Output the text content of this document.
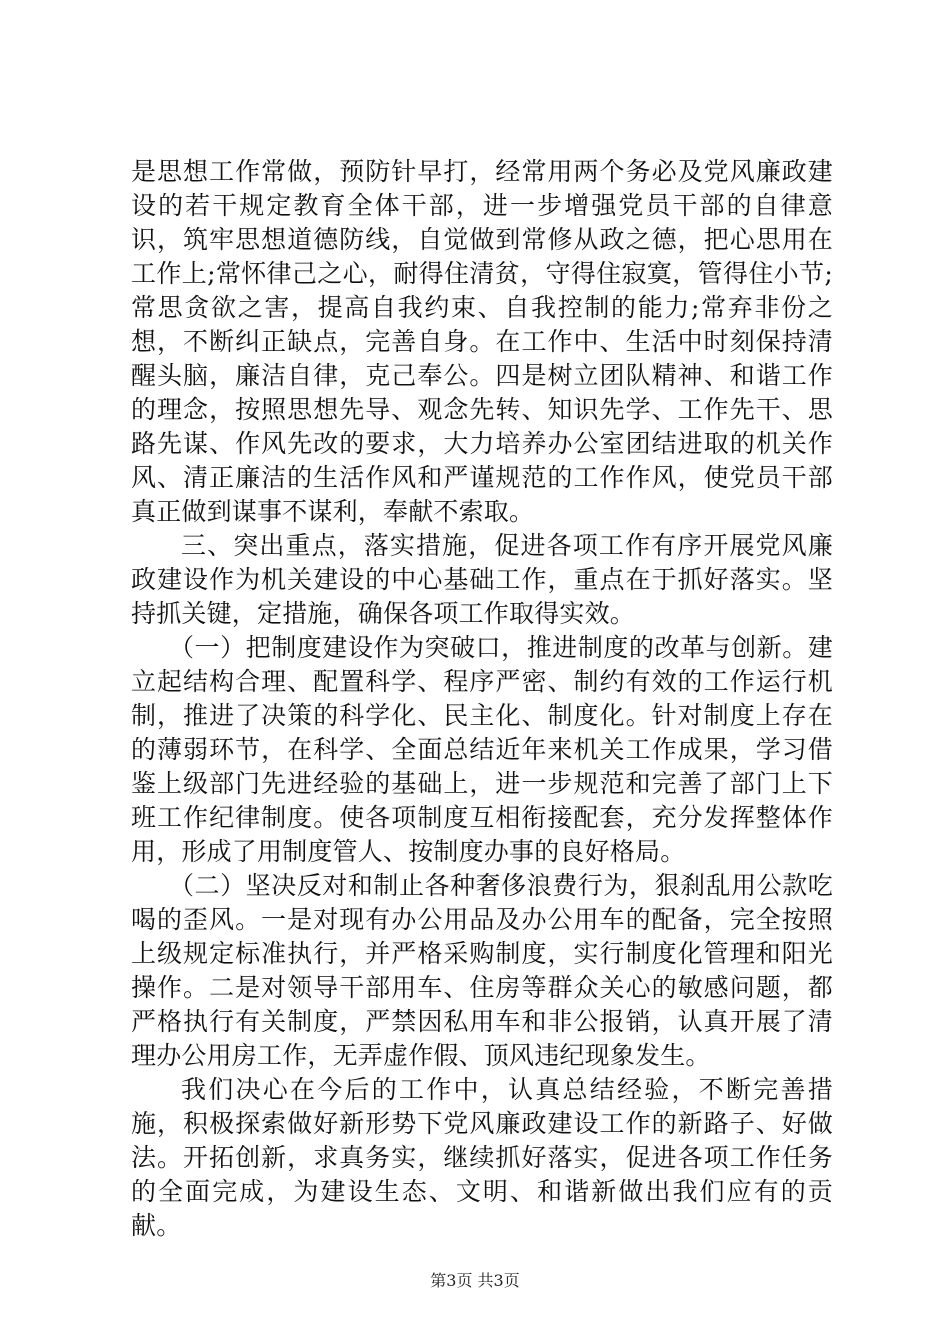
是思想工作常做，预防针早打，经常用两个务必及党风廉政建设的若干规定教育全体干部，进一步增强党员干部的自律意识，筑牢思想道德防线，自觉做到常修从政之德，把心思用在工作上;常怀律己之心，耐得住清贫，守得住寂寞，管得住小节;常思贪欲之害，提高自我约束、自我控制的能力;常弃非份之想，不断纠正缺点，完善自身。在工作中、生活中时刻保持清醒头脑，廉洁自律，克己奉公。四是树立团队精神、和谐工作的理念，按照思想先导、观念先转、知识先学、工作先干、思路先谋、作风先改的要求，大力培养办公室团结进取的机关作风、清正廉洁的生活作风和严谨规范的工作作风，使党员干部真正做到谋事不谋利，奉献不索取。

三、突出重点，落实措施，促进各项工作有序开展党风廉政建设作为机关建设的中心基础工作，重点在于抓好落实。坚持抓关键，定措施，确保各项工作取得实效。

（一）把制度建设作为突破口，推进制度的改革与创新。建立起结构合理、配置科学、程序严密、制约有效的工作运行机制，推进了决策的科学化、民主化、制度化。针对制度上存在的薄弱环节，在科学、全面总结近年来机关工作成果，学习借鉴上级部门先进经验的基础上，进一步规范和完善了部门上下班工作纪律制度。使各项制度互相衔接配套，充分发挥整体作用，形成了用制度管人、按制度办事的良好格局。

（二）坚决反对和制止各种奢侈浪费行为，狠刹乱用公款吃喝的歪风。一是对现有办公用品及办公用车的配备，完全按照上级规定标准执行，并严格采购制度，实行制度化管理和阳光操作。二是对领导干部用车、住房等群众关心的敏感问题，都严格执行有关制度，严禁因私用车和非公报销，认真开展了清理办公用房工作，无弄虚作假、顶风违纪现象发生。

我们决心在今后的工作中，认真总结经验，不断完善措施，积极探索做好新形势下党风廉政建设工作的新路子、好做法。开拓创新，求真务实，继续抓好落实，促进各项工作任务的全面完成，为建设生态、文明、和谐新做出我们应有的贡献。

第3页 共3页
